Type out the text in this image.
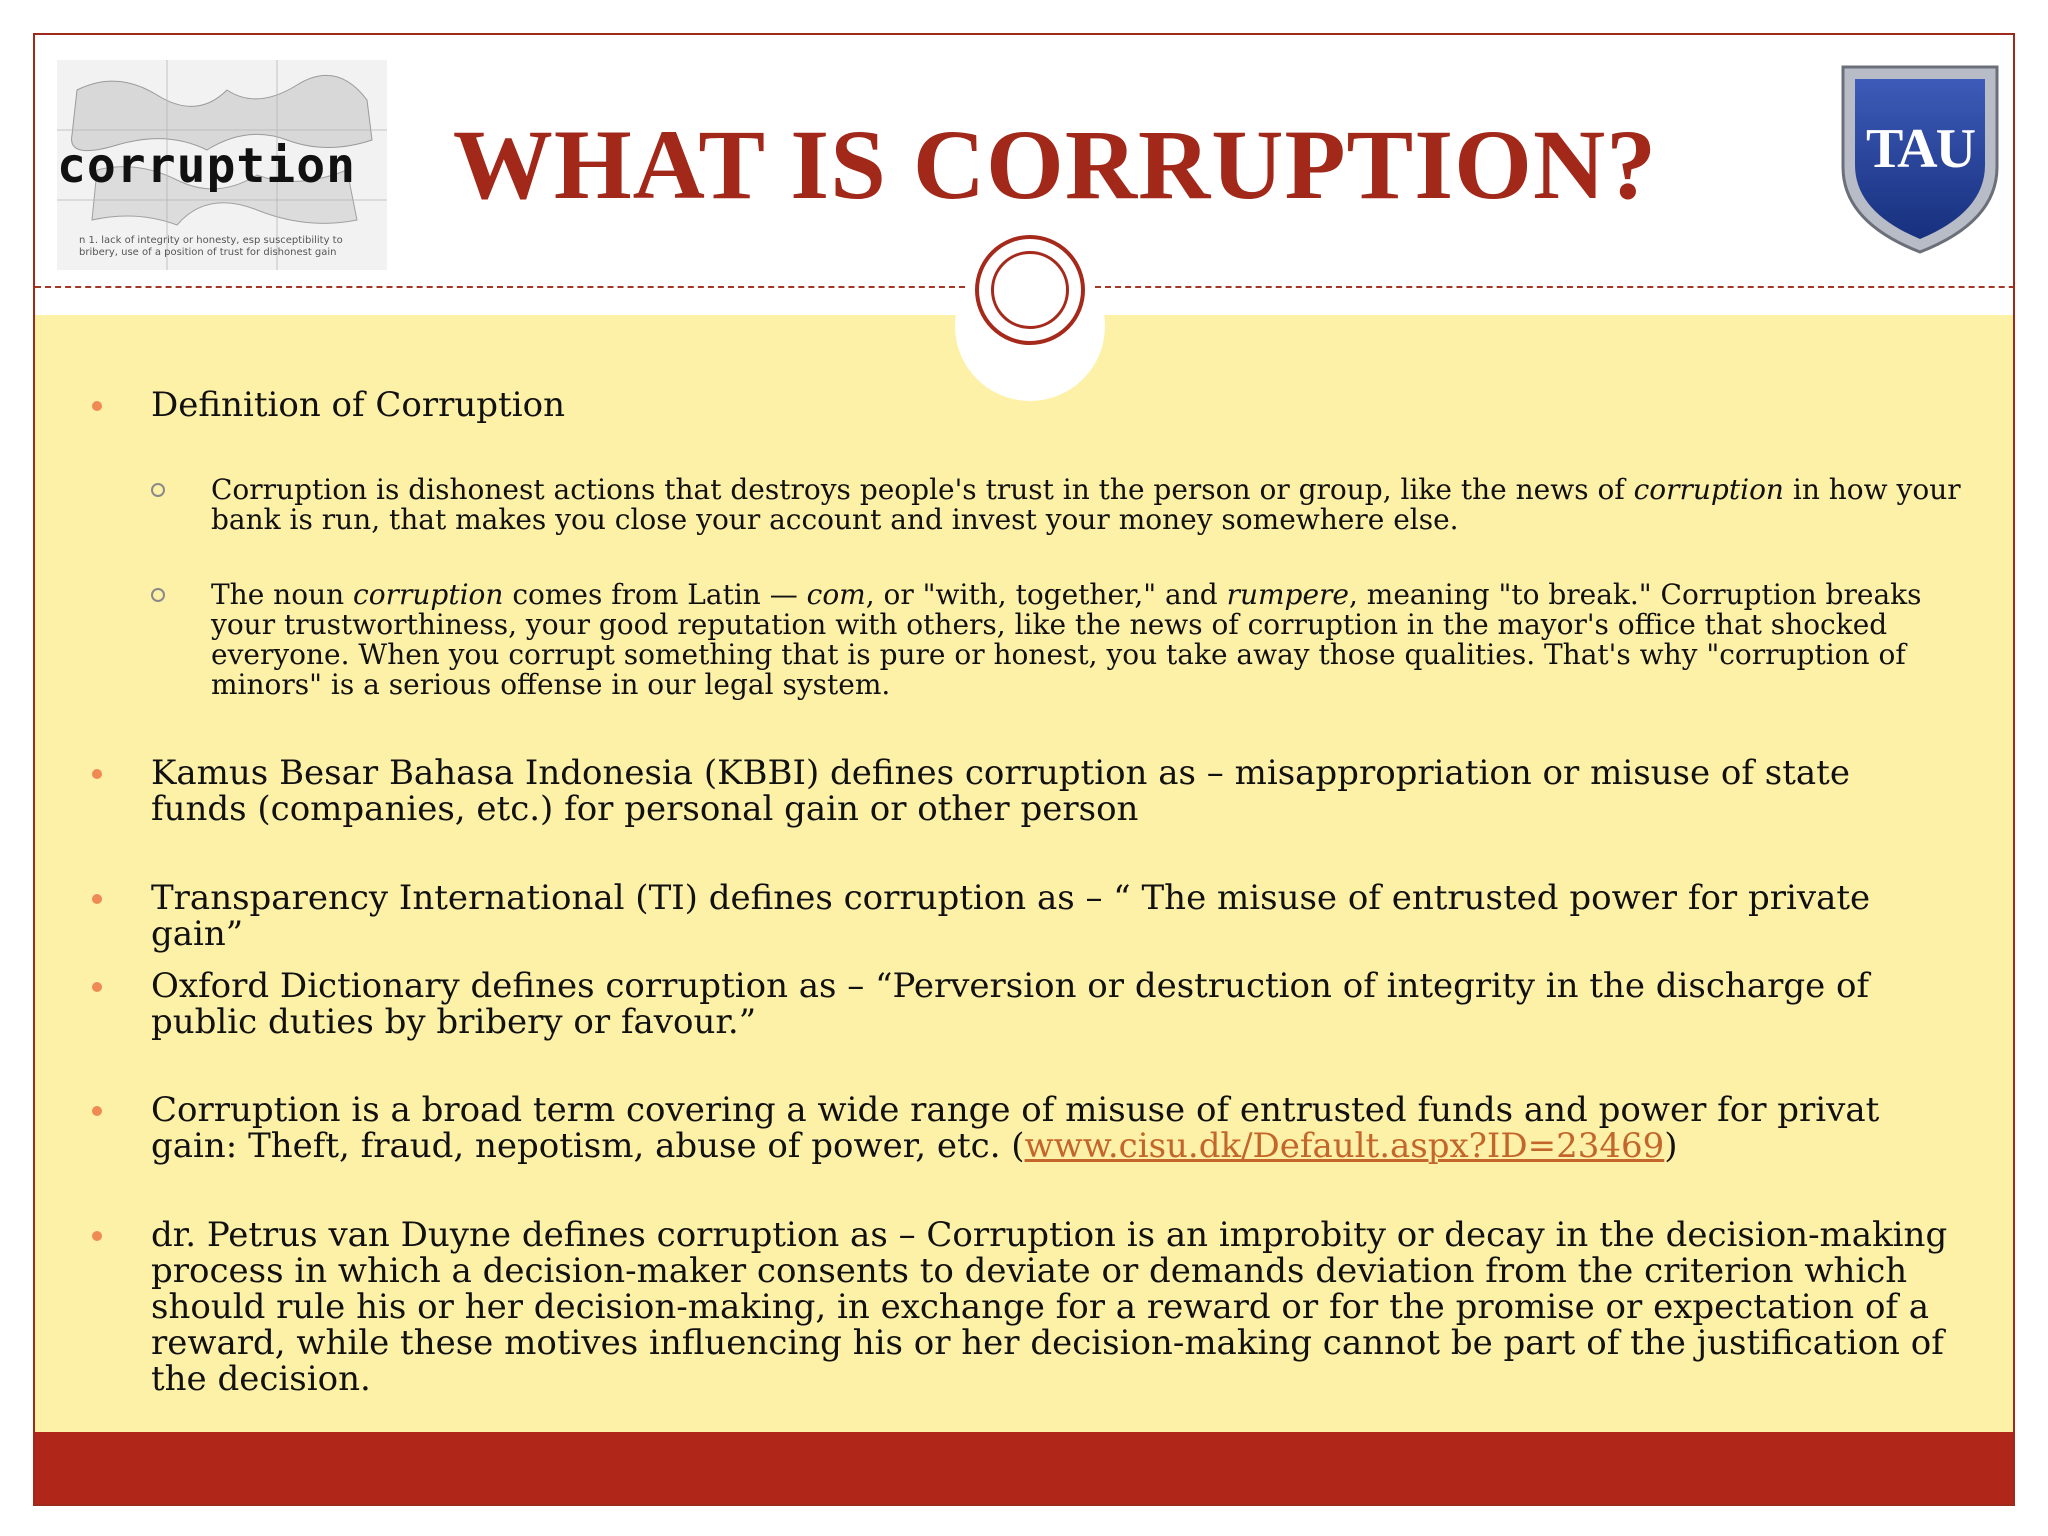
corruption
n 1. lack of integrity or honesty, esp susceptibility to bribery, use of a position of trust for dishonest gain
WHAT IS CORRUPTION?	TAU
Definition of Corruption
Corruption is dishonest actions that destroys people's trust in the person or group, like the news of corruption in how your bank is run, that makes you close your account and invest your money somewhere else.
The noun corruption comes from Latin — com, or "with, together," and rumpere, meaning "to break." Corruption breaks your trustworthiness, your good reputation with others, like the news of corruption in the mayor's office that shocked everyone. When you corrupt something that is pure or honest, you take away those qualities. That's why "corruption of minors" is a serious offense in our legal system.
Kamus Besar Bahasa Indonesia (KBBI) defines corruption as – misappropriation or misuse of state funds (companies, etc.) for personal gain or other person
Transparency International (TI) defines corruption as – “ The misuse of entrusted power for private gain”
Oxford Dictionary defines corruption as – “Perversion or destruction of integrity in the discharge of public duties by bribery or favour.”
Corruption is a broad term covering a wide range of misuse of entrusted funds and power for privat gain: Theft, fraud, nepotism, abuse of power, etc. (www.cisu.dk/Default.aspx?ID=23469)
dr. Petrus van Duyne defines corruption as – Corruption is an improbity or decay in the decision-making process in which a decision-maker consents to deviate or demands deviation from the criterion which should rule his or her decision-making, in exchange for a reward or for the promise or expectation of a reward, while these motives influencing his or her decision-making cannot be part of the justification of the decision.
